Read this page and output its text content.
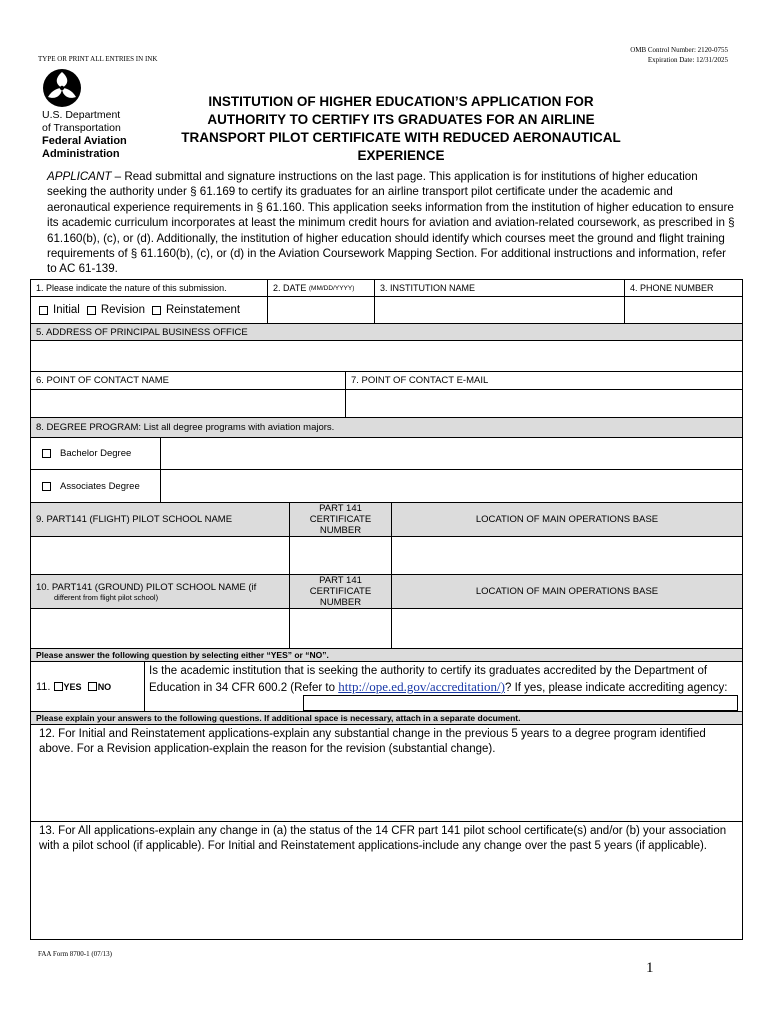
TYPE OR PRINT ALL ENTRIES IN INK
OMB Control Number: 2120-0755
Expiration Date: 12/31/2025
U.S. Department
of Transportation
Federal Aviation
Administration
INSTITUTION OF HIGHER EDUCATION’S APPLICATION FOR
AUTHORITY TO CERTIFY ITS GRADUATES FOR AN AIRLINE
TRANSPORT PILOT CERTIFICATE WITH REDUCED AERONAUTICAL
EXPERIENCE
APPLICANT – Read submittal and signature instructions on the last page. This application is for institutions of higher education seeking the authority under § 61.169 to certify its graduates for an airline transport pilot certificate under the academic and aeronautical experience requirements in § 61.160. This application seeks information from the institution of higher education to ensure its academic curriculum incorporates at least the minimum credit hours for aviation and aviation-related coursework, as prescribed in § 61.160(b), (c), or (d). Additionally, the institution of higher education should identify which courses meet the ground and flight training requirements of § 61.160(b), (c), or (d) in the Aviation Coursework Mapping Section. For additional instructions and information, refer to AC 61-139.
1. Please indicate the nature of this submission.	2. DATE
(MM/DD/YYYY)	3. INSTITUTION NAME	4. PHONE NUMBER
Initial Revision Reinstatement
5. ADDRESS OF PRINCIPAL BUSINESS OFFICE
6. POINT OF CONTACT NAME	7. POINT OF CONTACT E-MAIL
8. DEGREE PROGRAM: List all degree programs with aviation majors.
Bachelor Degree
Associates Degree
9. PART141 (FLIGHT) PILOT SCHOOL NAME
PART 141
CERTIFICATE
NUMBER
LOCATION OF MAIN OPERATIONS BASE
10. PART141 (GROUND) PILOT SCHOOL NAME (if
different from flight pilot school)
PART 141
CERTIFICATE
NUMBER
LOCATION OF MAIN OPERATIONS BASE
Please answer the following question by selecting either “YES” or “NO”.
11.
YES
NO
Is the academic institution that is seeking the authority to certify its graduates accredited by the Department of Education in 34 CFR 600.2 (Refer to http://ope.ed.gov/accreditation/)? If yes, please indicate accrediting agency:
Please explain your answers to the following questions. If additional space is necessary, attach in a separate document.
12. For Initial and Reinstatement applications-explain any substantial change in the previous 5 years to a degree program identified above. For a Revision application-explain the reason for the revision (substantial change).
13. For All applications-explain any change in (a) the status of the 14 CFR part 141 pilot school certificate(s) and/or (b) your association with a pilot school (if applicable). For Initial and Reinstatement applications-include any change over the past 5 years (if applicable).
FAA Form 8700-1 (07/13)
1
